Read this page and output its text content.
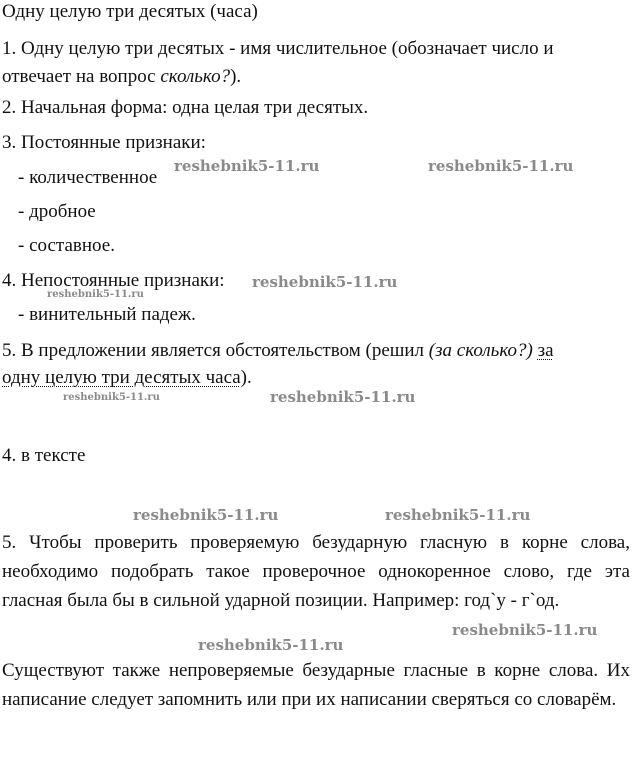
Одну целую три десятых (часа)
1. Одну целую три десятых - имя числительное (обозначает число и
отвечает на вопрос сколько?).
2. Начальная форма: одна целая три десятых.
3. Постоянные признаки:
- количественное
- дробное
- составное.
4. Непостоянные признаки:
- винительный падеж.
5. В предложении является обстоятельством (решил (за сколько?) за
одну целую три десятых часа).
4. в тексте
5. Чтобы проверить проверяемую безударную гласную в корне слова, необходимо подобрать такое проверочное однокоренное слово, где эта гласная была бы в сильной ударной позиции. Например: год`у - г`од.
Существуют также непроверяемые безударные гласные в корне слова. Их написание следует запомнить или при их написании сверяться со словарём.
reshebnik5-11.ru	reshebnik5-11.ru
reshebnik5-11.ru
reshebnik5-11.ru
reshebnik5-11.ru	reshebnik5-11.ru
reshebnik5-11.ru	reshebnik5-11.ru
reshebnik5-11.ru
reshebnik5-11.ru
